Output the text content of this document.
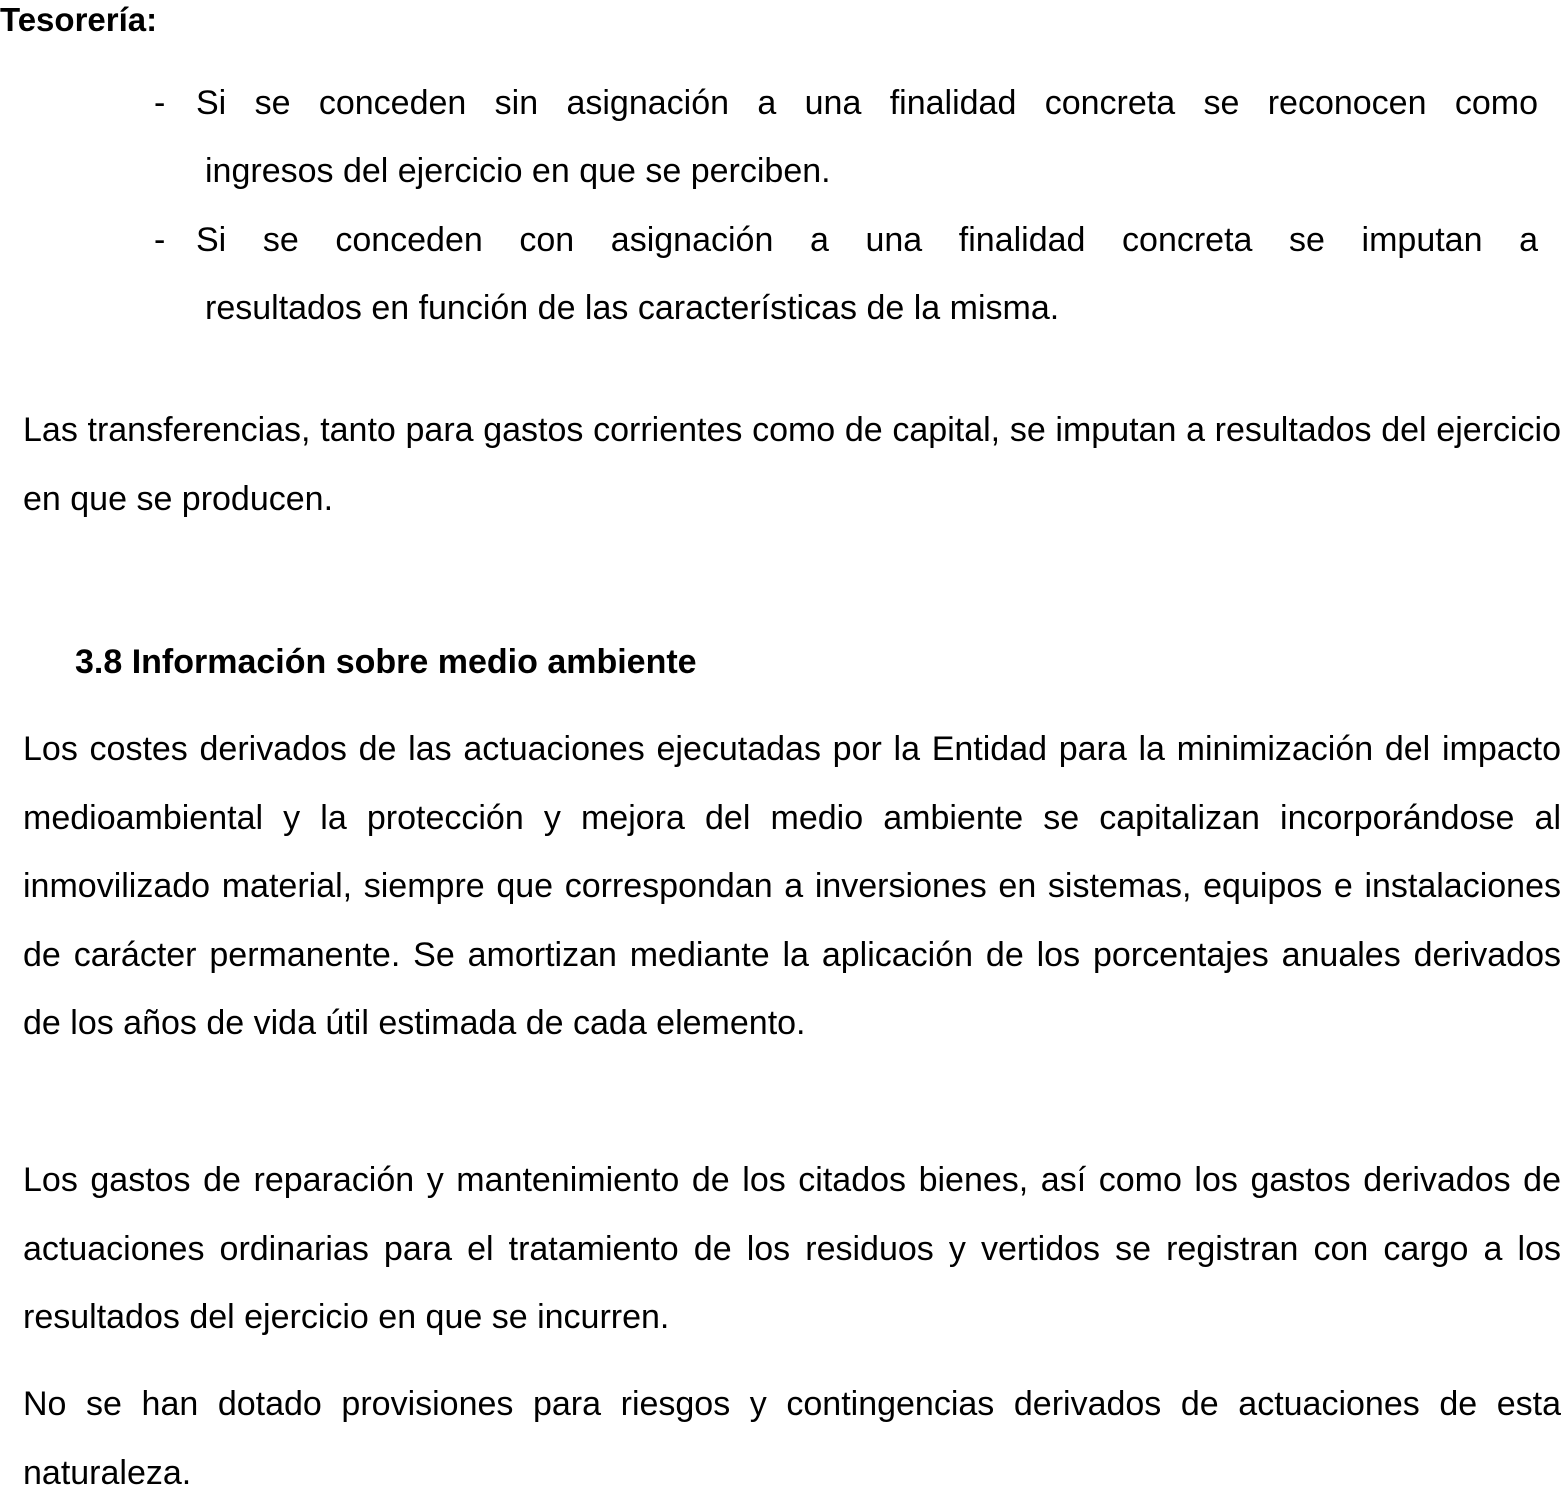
Tesorería:
- Si se conceden sin asignación a una finalidad concreta se reconocen como
ingresos del ejercicio en que se perciben.
- Si se conceden con asignación a una finalidad concreta se imputan a
resultados en función de las características de la misma.

Las transferencias, tanto para gastos corrientes como de capital, se imputan a resultados del ejercicio en que se producen.

3.8 Información sobre medio ambiente

Los costes derivados de las actuaciones ejecutadas por la Entidad para la minimización del impacto medioambiental y la protección y mejora del medio ambiente se capitalizan incorporándose al inmovilizado material, siempre que correspondan a inversiones en sistemas, equipos e instalaciones de carácter permanente. Se amortizan mediante la aplicación de los porcentajes anuales derivados de los años de vida útil estimada de cada elemento.

Los gastos de reparación y mantenimiento de los citados bienes, así como los gastos derivados de actuaciones ordinarias para el tratamiento de los residuos y vertidos se registran con cargo a los resultados del ejercicio en que se incurren.

No se han dotado provisiones para riesgos y contingencias derivados de actuaciones de esta naturaleza.
